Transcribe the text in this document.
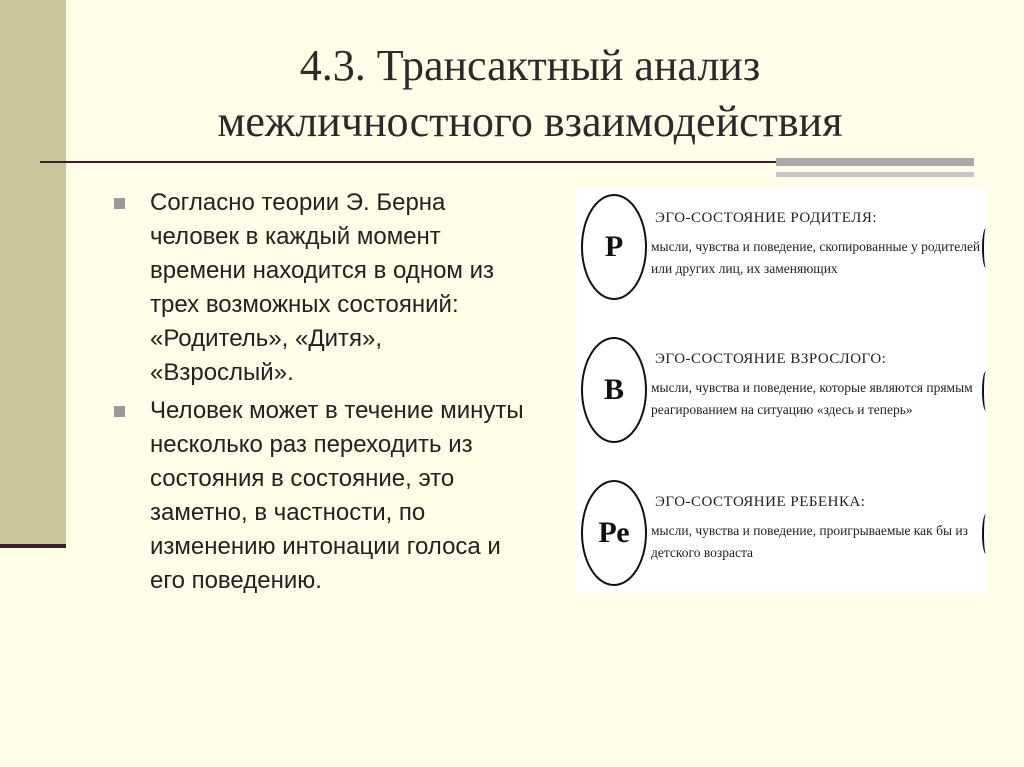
4.3. Трансактный анализ
межличностного взаимодействия
Согласно теории Э. Берна человек в каждый момент времени находится в одном из трех возможных состояний: «Родитель», «Дитя», «Взрослый».
Человек может в течение минуты несколько раз переходить из состояния в состояние, это заметно, в частности, по изменению интонации голоса и его поведению.
Р
ЭГО-СОСТОЯНИЕ РОДИТЕЛЯ:
мысли, чувства и поведение, скопированные у родителей или других лиц, их заменяющих
В
ЭГО-СОСТОЯНИЕ ВЗРОСЛОГО:
мысли, чувства и поведение, которые являются прямым реагированием на ситуацию «здесь и теперь»
Ре
ЭГО-СОСТОЯНИЕ РЕБЕНКА:
мысли, чувства и поведение, проигрываемые как бы из детского возраста
